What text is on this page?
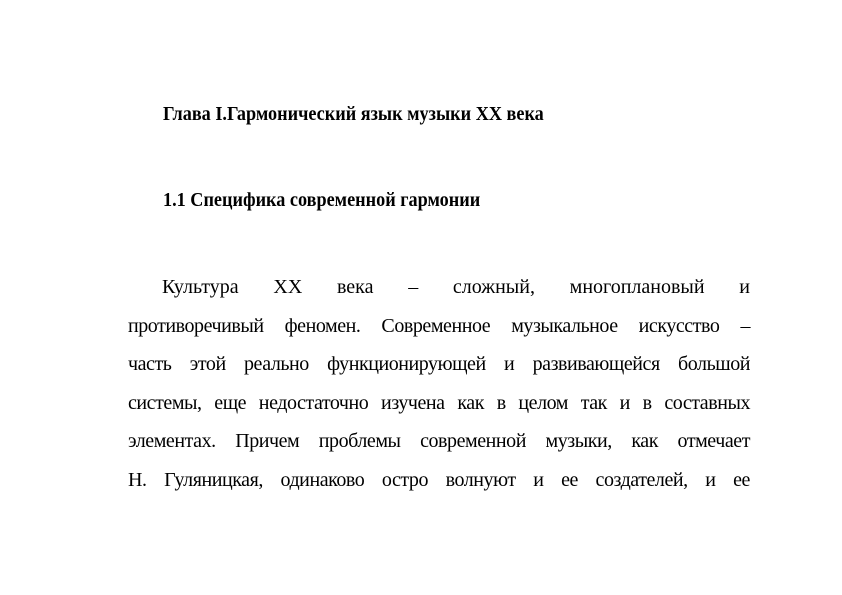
Глава I.Гармонический язык музыки XX века
1.1 Специфика современной гармонии

Культура XX века – сложный, многоплановый и
противоречивый феномен. Современное музыкальное искусство –
часть этой реально функционирующей и развивающейся большой
системы, еще недостаточно изучена как в целом так и в составных
элементах. Причем проблемы современной музыки, как отмечает
Н. Гуляницкая, одинаково остро волнуют и ее создателей, и ее
